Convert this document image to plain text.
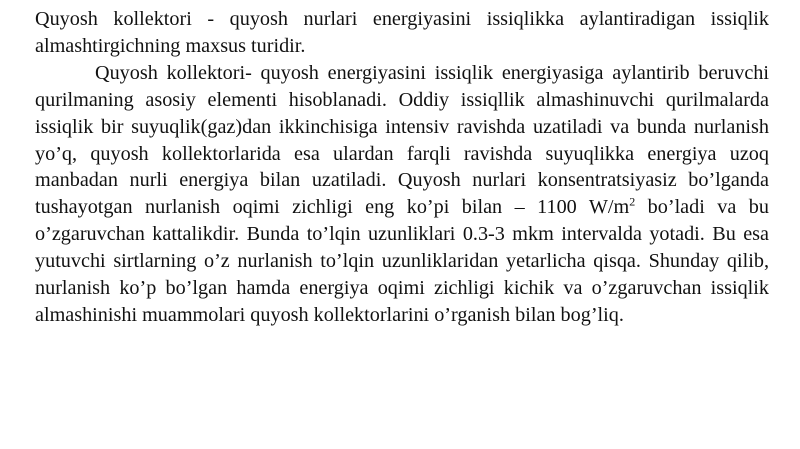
Quyosh kollektori - quyosh nurlari energiyasini issiqlikka aylantiradigan issiqlik almashtirgichning maxsus turidir.

Quyosh kollektori- quyosh energiyasini issiqlik energiyasiga aylantirib beruvchi qurilmaning asosiy elementi hisoblanadi. Oddiy issiqllik almashinuvchi qurilmalarda issiqlik bir suyuqlik(gaz)dan ikkinchisiga intensiv ravishda uzatiladi va bunda nurlanish yo’q, quyosh kollektorlarida esa ulardan farqli ravishda suyuqlikka energiya uzoq manbadan nurli energiya bilan uzatiladi. Quyosh nurlari konsentratsiyasiz bo’lganda tushayotgan nurlanish oqimi zichligi eng ko’pi bilan – 1100 $W/m^2$ bo’ladi va bu o’zgaruvchan kattalikdir. Bunda to’lqin uzunliklari 0.3-3 mkm intervalda yotadi. Bu esa yutuvchi sirtlarning o’z nurlanish to’lqin uzunliklaridan yetarlicha qisqa. Shunday qilib, nurlanish ko’p bo’lgan hamda energiya oqimi zichligi kichik va o’zgaruvchan issiqlik almashinishi muammolari quyosh kollektorlarini o’rganish bilan bog’liq.
